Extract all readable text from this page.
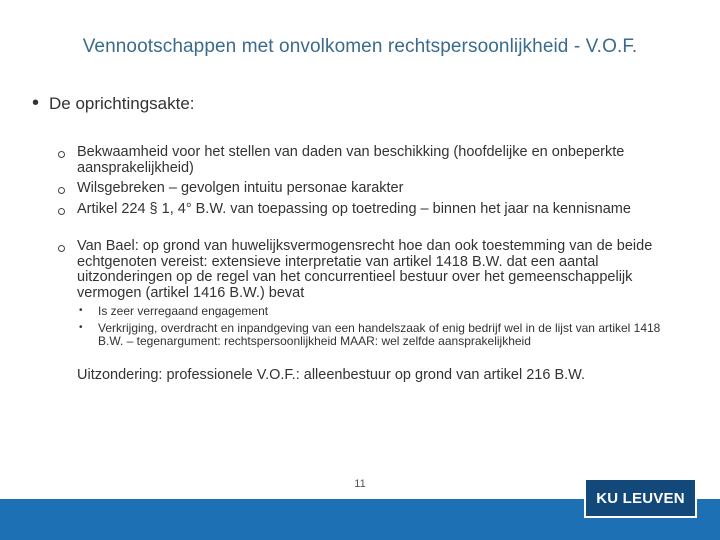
Vennootschappen met onvolkomen rechtspersoonlijkheid - V.O.F.
• De oprichtingsakte:
Bekwaamheid voor het stellen van daden van beschikking (hoofdelijke en onbeperkte aansprakelijkheid)
Wilsgebreken – gevolgen intuitu personae karakter
Artikel 224 § 1, 4° B.W. van toepassing op toetreding – binnen het jaar na kennisname
Van Bael: op grond van huwelijksvermogensrecht hoe dan ook toestemming van de beide echtgenoten vereist: extensieve interpretatie van artikel 1418 B.W. dat een aantal uitzonderingen op de regel van het concurrentieel bestuur over het gemeenschappelijk vermogen (artikel 1416 B.W.) bevat
• Is zeer verregaand engagement
• Verkrijging, overdracht en inpandgeving van een handelszaak of enig bedrijf wel in de lijst van artikel 1418 B.W. – tegenargument: rechtspersoonlijkheid MAAR: wel zelfde aansprakelijkheid
Uitzondering: professionele V.O.F.: alleenbestuur op grond van artikel 216 B.W.
11
KU LEUVEN
